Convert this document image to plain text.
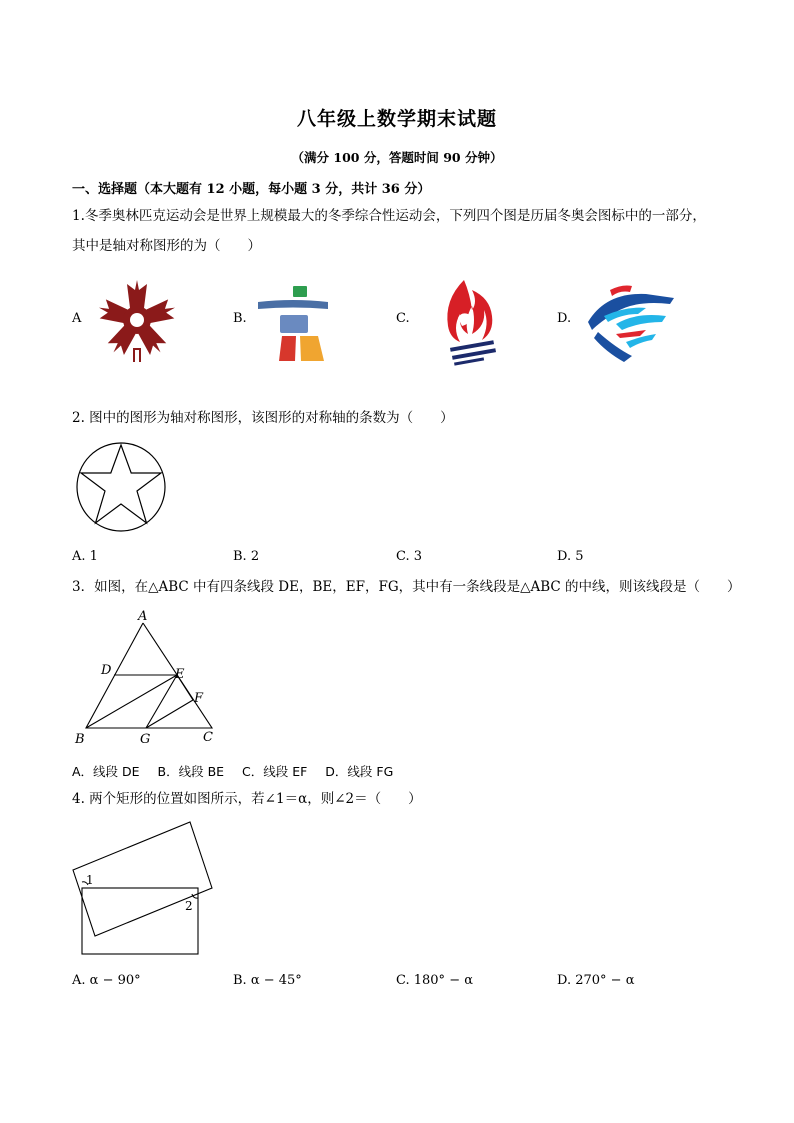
八年级上数学期末试题
（满分 100 分，答题时间 90 分钟）
一、选择题（本大题有 12 小题，每小题 3 分，共计 36 分）
1.冬季奥林匹克运动会是世界上规模最大的冬季综合性运动会，下列四个图是历届冬奥会图标中的一部分，
其中是轴对称图形的为（　　）
A	B.	C.	D.
2. 图中的图形为轴对称图形，该图形的对称轴的条数为（　　）
A. 1	B. 2	C. 3	D. 5
3．如图，在△ABC 中有四条线段 DE，BE，EF，FG，其中有一条线段是△ABC 的中线，则该线段是（　　）
A
D	E
F
B	G	C
A．线段 DE B．线段 BE C．线段 EF D．线段 FG
4. 两个矩形的位置如图所示，若∠1＝α，则∠2＝（　　）
1
2
A. α − 90°	B. α − 45°	C. 180° − α	D. 270° − α
